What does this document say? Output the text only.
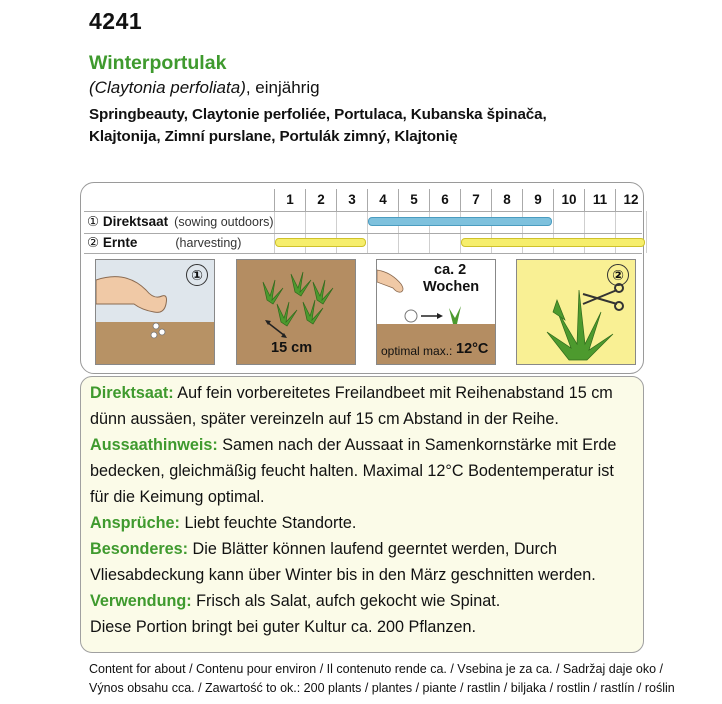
4241
Winterportulak
(Claytonia perfoliata), einjährig
Springbeauty, Claytonie perfoliée, Portulaca, Kubanska špinača,
Klajtonija, Zimní purslane, Portulák zimný, Klajtonię
1	2	3	4	5	6	7	8	9	10	11	12
① Direktsaat (sowing outdoors)
② Ernte	(harvesting)
①
15 cm
ca. 2
Wochen
optimal max.: 12°C
②
Direktsaat: Auf fein vorbereitetes Freilandbeet mit Reihenabstand 15 cm dünn aussäen, später vereinzeln auf 15 cm Abstand in der Reihe.
Aussaathinweis: Samen nach der Aussaat in Samenkornstärke mit Erde bedecken, gleichmäßig feucht halten. Maximal 12°C Bodentemperatur ist für die Keimung optimal.
Ansprüche: Liebt feuchte Standorte.
Besonderes: Die Blätter können laufend geerntet werden, Durch Vliesabdeckung kann über Winter bis in den März geschnitten werden.
Verwendung: Frisch als Salat, aufch gekocht wie Spinat.
Diese Portion bringt bei guter Kultur ca. 200 Pflanzen.
Content for about / Contenu pour environ / Il contenuto rende ca. / Vsebina je za ca. / Sadržaj daje oko /
Výnos obsahu cca. / Zawartość to ok.: 200 plants / plantes / piante / rastlin / biljaka / rostlin / rastlín / roślin
